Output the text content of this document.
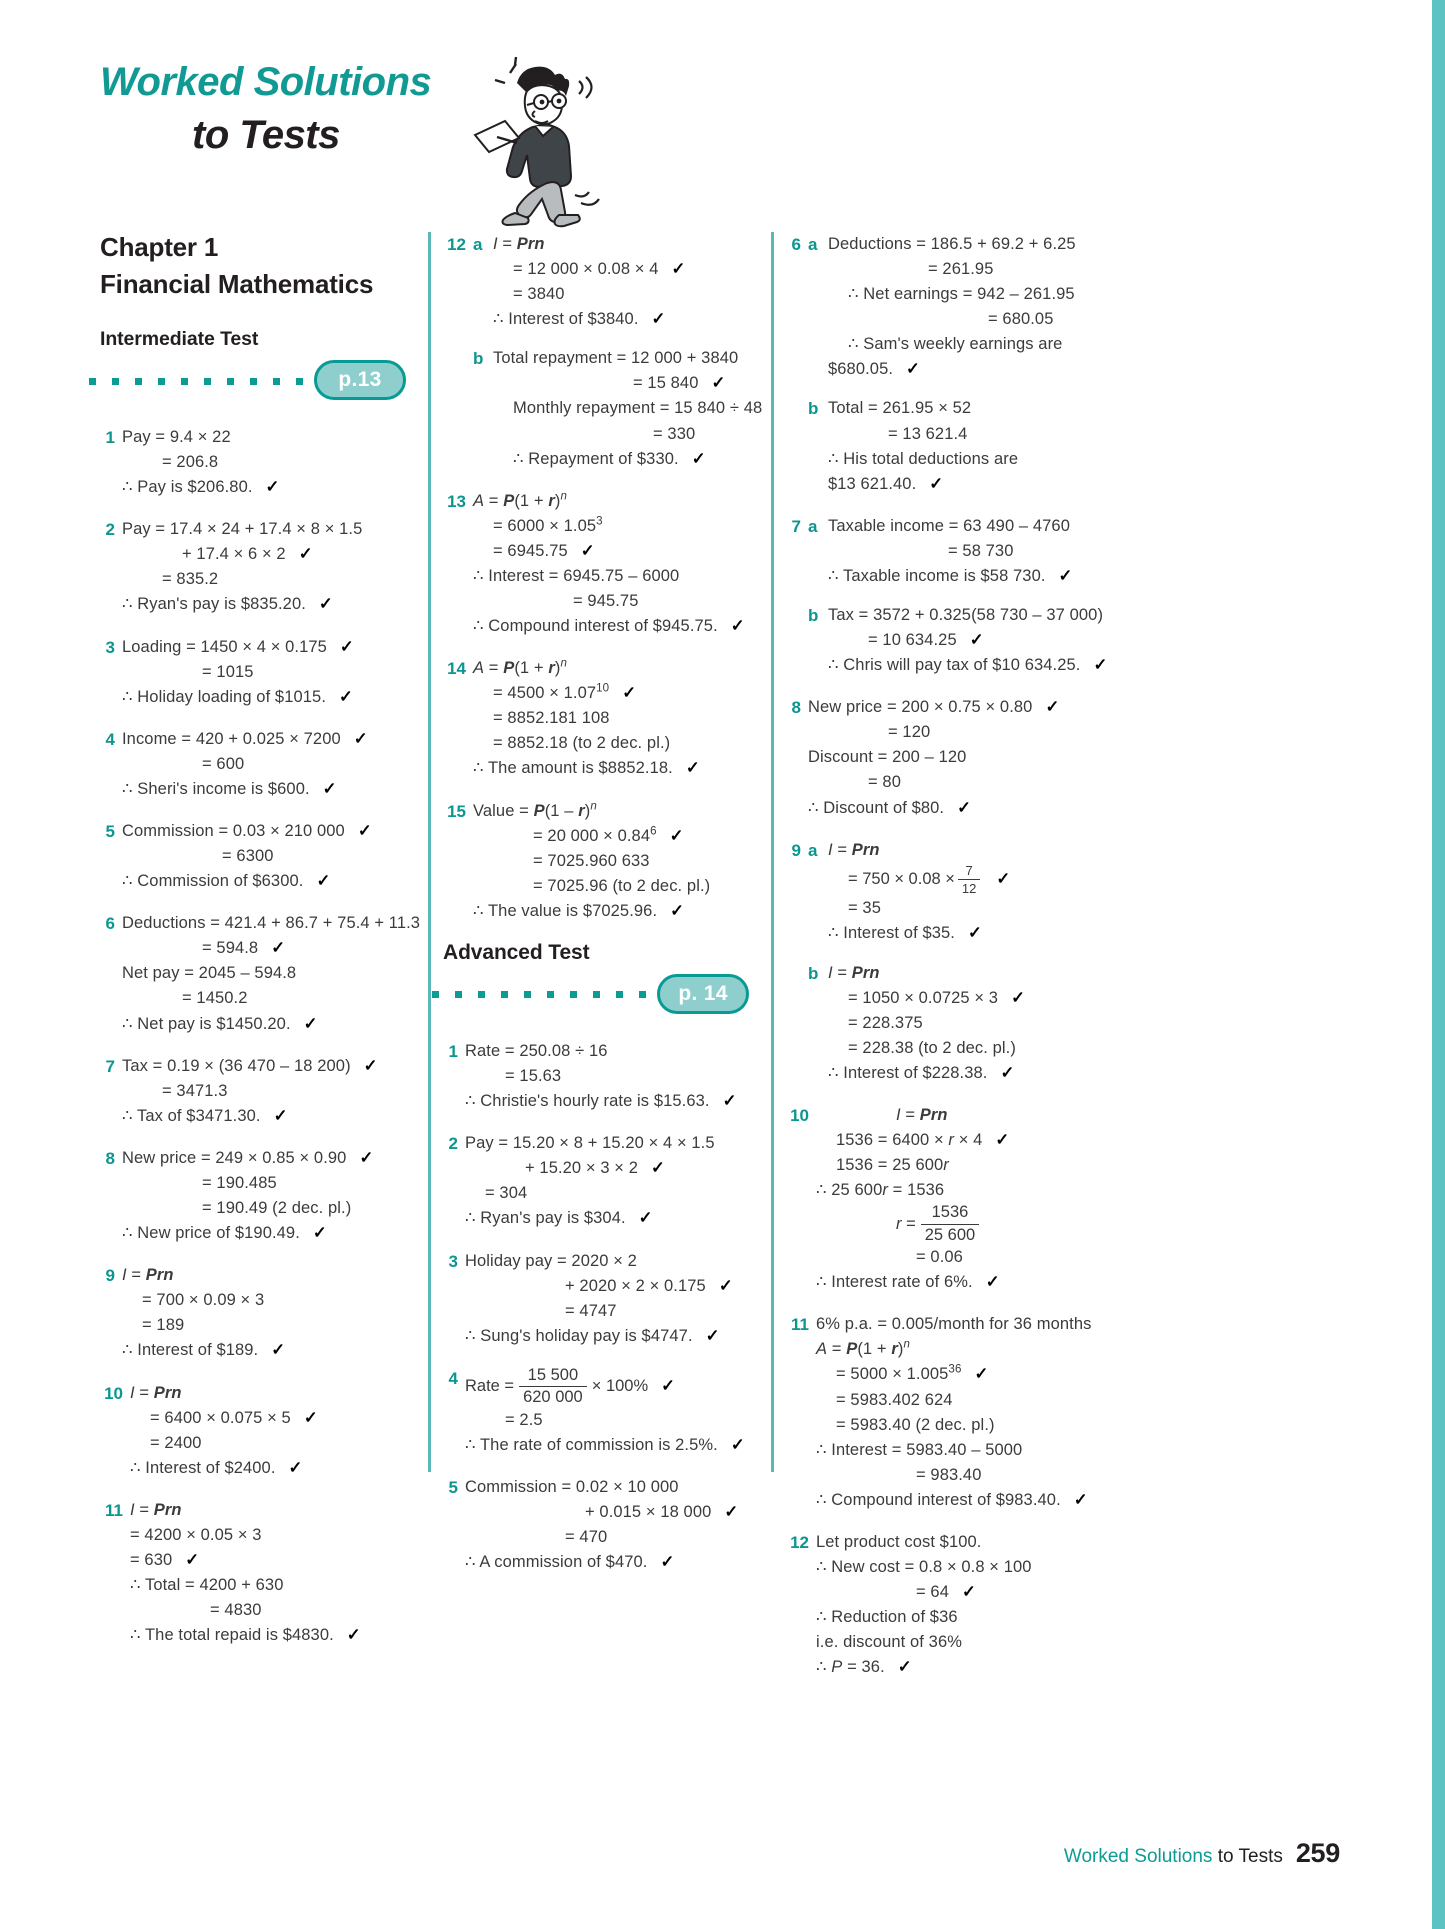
Worked Solutions
to Tests
Chapter 1
Financial Mathematics
Intermediate Test
p.13
1 Pay = 9.4 × 22
= 206.8
∴ Pay is $206.80. ✓
2 Pay = 17.4 × 24 + 17.4 × 8 × 1.5
+ 17.4 × 6 × 2 ✓
= 835.2
∴ Ryan's pay is $835.20. ✓
3 Loading = 1450 × 4 × 0.175 ✓
= 1015
∴ Holiday loading of $1015. ✓
4 Income = 420 + 0.025 × 7200 ✓
= 600
∴ Sheri's income is $600. ✓
5 Commission = 0.03 × 210 000 ✓
= 6300
∴ Commission of $6300. ✓
6 Deductions = 421.4 + 86.7 + 75.4 + 11.3
= 594.8 ✓
Net pay = 2045 – 594.8
= 1450.2
∴ Net pay is $1450.20. ✓
7 Tax = 0.19 × (36 470 – 18 200) ✓
= 3471.3
∴ Tax of $3471.30. ✓
8 New price = 249 × 0.85 × 0.90 ✓
= 190.485
= 190.49 (2 dec. pl.)
∴ New price of $190.49. ✓
9 I = Prn
= 700 × 0.09 × 3
= 189
∴ Interest of $189. ✓
10 I = Prn
= 6400 × 0.075 × 5 ✓
= 2400
∴ Interest of $2400. ✓
11 I = Prn
= 4200 × 0.05 × 3
= 630 ✓
∴ Total = 4200 + 630
= 4830
∴ The total repaid is $4830. ✓
12 a I = Prn
= 12 000 × 0.08 × 4 ✓
= 3840
∴ Interest of $3840. ✓
b Total repayment = 12 000 + 3840
= 15 840 ✓
Monthly repayment = 15 840 ÷ 48
= 330
∴ Repayment of $330. ✓
13 $A = P(1 + r)^n$
= $6000 \times 1.05^3$
= 6945.75 ✓
∴ Interest = 6945.75 – 6000
= 945.75
∴ Compound interest of $945.75. ✓
14 $A = P(1 + r)^n$
= $4500 \times 1.07^{10}$ ✓
= 8852.181 108
= 8852.18 (to 2 dec. pl.)
∴ The amount is $8852.18. ✓
15 Value = P(1 – r)$^n$
= 20 $000 \times 0.84^6$ ✓
= 7025.960 633
= 7025.96 (to 2 dec. pl.)
∴ The value is $7025.96. ✓
Advanced Test
p. 14
1 Rate = 250.08 ÷ 16
= 15.63
∴ Christie's hourly rate is $15.63. ✓
2 Pay = 15.20 × 8 + 15.20 × 4 × 1.5
+ 15.20 × 3 × 2 ✓
= 304
∴ Ryan's pay is $304. ✓
3 Holiday pay = 2020 × 2
+ 2020 × 2 × 0.175 ✓
= 4747
∴ Sung's holiday pay is $4747. ✓
4 Rate = $\frac{15 500}{620 000} \times 100\%$ ✓
= 2.5
∴ The rate of commission is 2.5%. ✓
5 Commission = 0.02 × 10 000
+ 0.015 × 18 000 ✓
= 470
∴ A commission of $470. ✓
6 a Deductions = 186.5 + 69.2 + 6.25
= 261.95
∴ Net earnings = 942 – 261.95
= 680.05
∴ Sam's weekly earnings are
$680.05. ✓
b Total = 261.95 × 52
= 13 621.4
∴ His total deductions are
$13 621.40. ✓
7 a Taxable income = 63 490 – 4760
= 58 730
∴ Taxable income is $58 730. ✓
b Tax = 3572 + 0.325(58 730 – 37 000)
= 10 634.25 ✓
∴ Chris will pay tax of $10 634.25. ✓
8 New price = 200 × 0.75 × 0.80 ✓
= 120
Discount = 200 – 120
= 80
∴ Discount of $80. ✓
9 a I = Prn
= $750 \times 0.08 \times \frac{7}{12}$ ✓
= 35
∴ Interest of $35. ✓
b I = Prn
= 1050 × 0.0725 × 3 ✓
= 228.375
= 228.38 (to 2 dec. pl.)
∴ Interest of $228.38. ✓
10	I = Prn
1536 = 6400 × r × 4 ✓
1536 = 25 600r
∴ 25 600r = 1536
$r = \frac{1536}{25 600}$
= 0.06
∴ Interest rate of 6%. ✓
11 6% p.a. = 0.005/month for 36 months
$A = P(1 + r)^n$
= $5000 \times 1.005^{36}$ ✓
= 5983.402 624
= 5983.40 (2 dec. pl.)
∴ Interest = 5983.40 – 5000
= 983.40
∴ Compound interest of $983.40. ✓
12 Let product cost $100.
∴ New cost = 0.8 × 0.8 × 100
= 64 ✓
∴ Reduction of $36
i.e. discount of 36%
∴ P = 36. ✓
Worked Solutions to Tests 259
